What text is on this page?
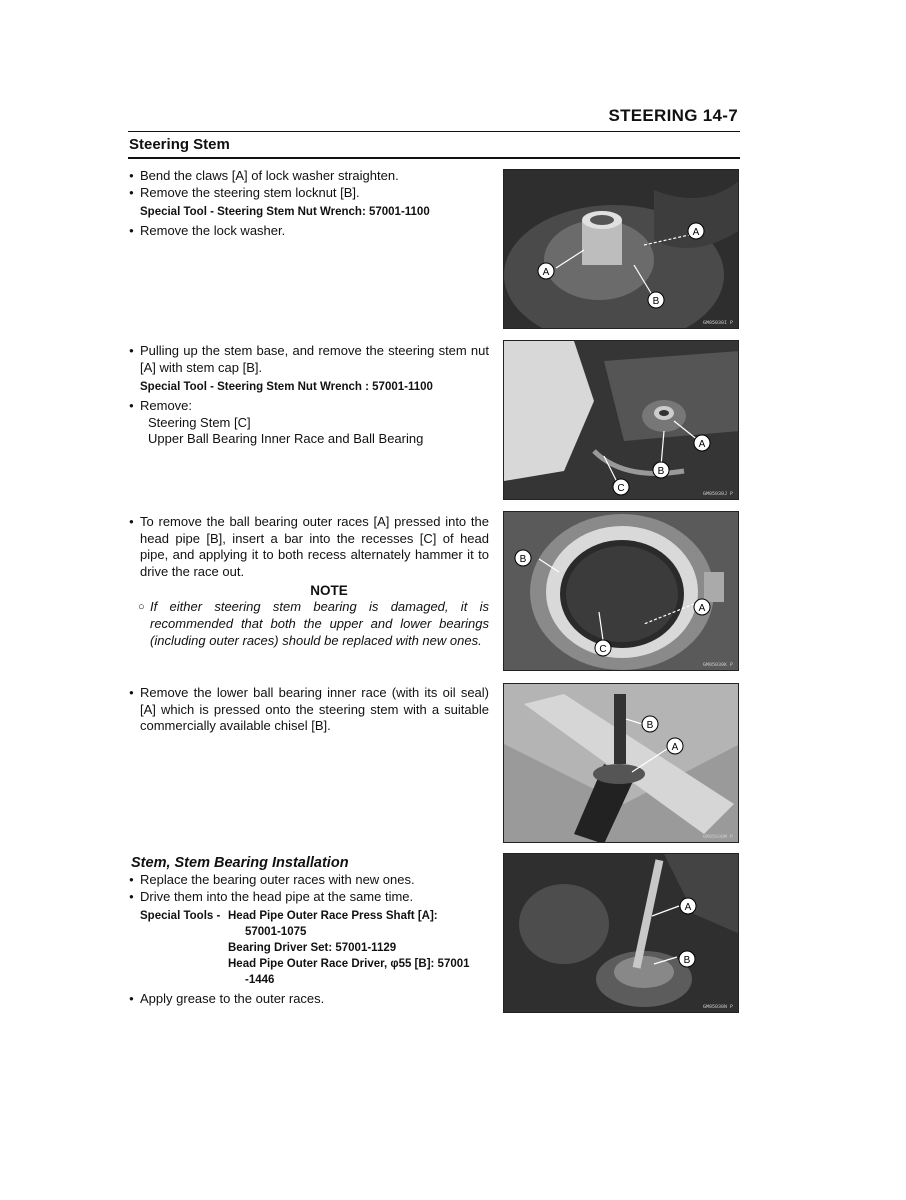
STEERING 14-7
Steering Stem
● Bend the claws [A] of lock washer straighten.
● Remove the steering stem locknut [B].
Special Tool - Steering Stem Nut Wrench: 57001-1100
● Remove the lock washer.
● Pulling up the stem base, and remove the steering stem nut [A] with stem cap [B].
Special Tool - Steering Stem Nut Wrench : 57001-1100
● Remove:
Steering Stem [C]
Upper Ball Bearing Inner Race and Ball Bearing
● To remove the ball bearing outer races [A] pressed into the head pipe [B], insert a bar into the recesses [C] of head pipe, and applying it to both recess alternately hammer it to drive the race out.
NOTE
○ If either steering stem bearing is damaged, it is recommended that both the upper and lower bearings (including outer races) should be replaced with new ones.
● Remove the lower ball bearing inner race (with its oil seal) [A] which is pressed onto the steering stem with a suitable commercially available chisel [B].
Stem, Stem Bearing Installation
● Replace the bearing outer races with new ones.
● Drive them into the head pipe at the same time.
Special Tools - Head Pipe Outer Race Press Shaft [A]:
57001-1075
Bearing Driver Set: 57001-1129
Head Pipe Outer Race Driver, φ55 [B]: 57001
-1446
● Apply grease to the outer races.
A
A
B
GM05030I P
A
B
C	GM05030J P
B
A
C
GM05030K P
B
A
GM05030M P
A
B
GM05030N P
